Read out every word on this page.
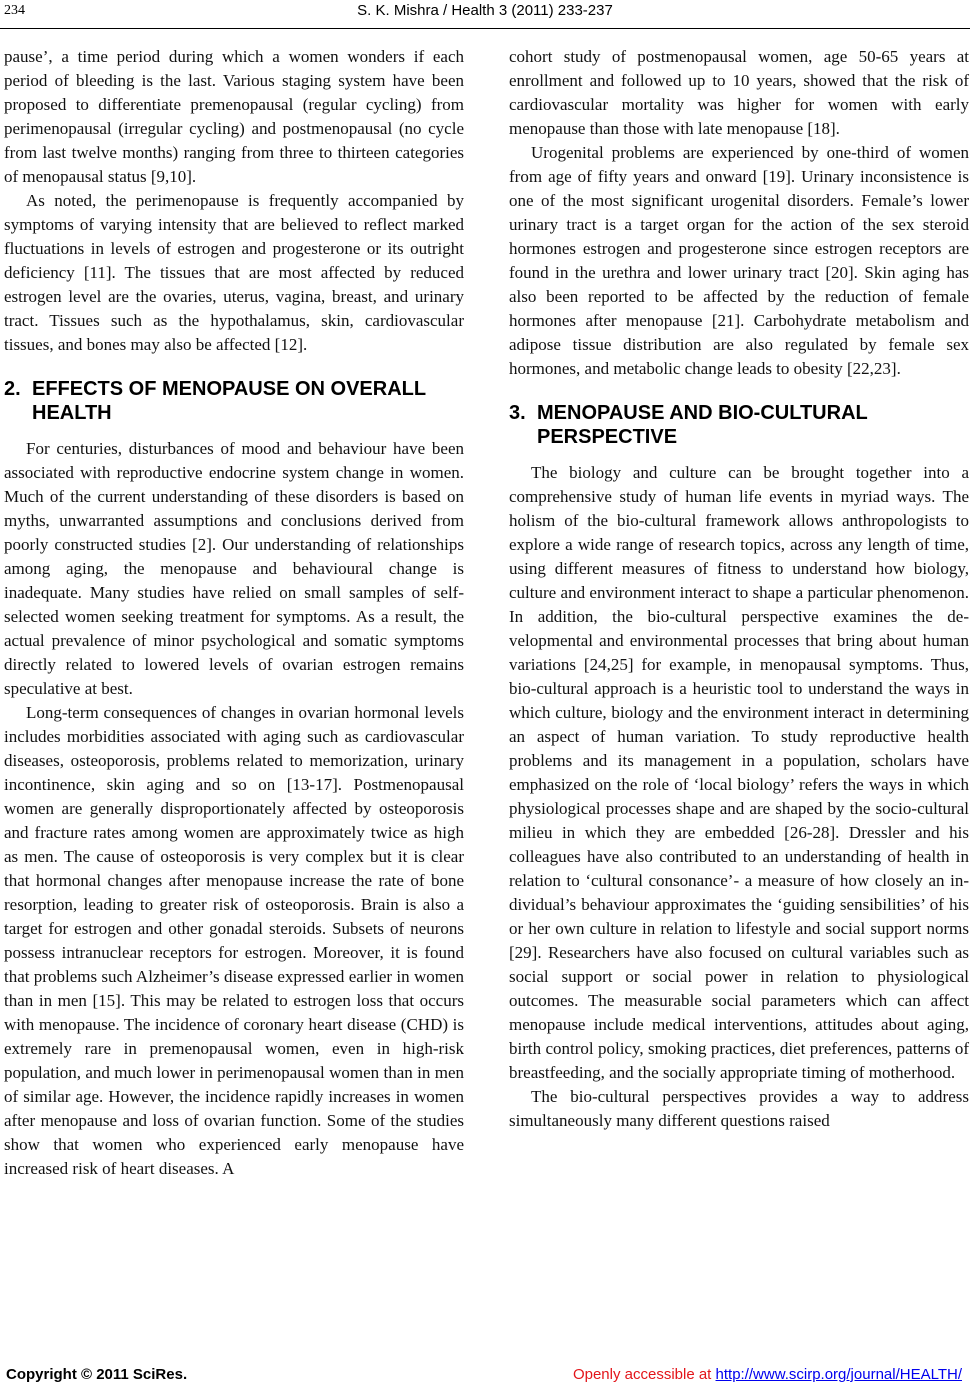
234	S. K. Mishra / Health 3 (2011) 233-237

pause’, a time period during which a women wonders if each period of bleeding is the last. Various staging system have been proposed to differentiate premenopausal (regular cycling) from perimenopausal (irregular cycling) and postmenopausal (no cycle from last twelve months) ranging from three to thirteen categories of menopausal status [9,10].

As noted, the perimenopause is frequently accompanied by symptoms of varying intensity that are believed to reflect marked fluctuations in levels of estrogen and progesterone or its outright deficiency [11]. The tissues that are most affected by reduced estrogen level are the ovaries, uterus, vagina, breast, and urinary tract. Tissues such as the hypothalamus, skin, cardiovascular tissues, and bones may also be affected [12].

2. EFFECTS OF MENOPAUSE ON OVERALL HEALTH

For centuries, disturbances of mood and behaviour have been associated with reproductive endocrine system change in women. Much of the current understanding of these disorders is based on myths, unwarranted assumptions and conclusions derived from poorly constructed studies [2]. Our understanding of relationships among aging, the menopause and behavioural change is inadequate. Many studies have relied on small samples of self-selected women seeking treatment for symptoms. As a result, the actual prevalence of minor psychological and somatic symptoms directly related to lowered levels of ovarian estrogen remains speculative at best.

Long-term consequences of changes in ovarian hormonal levels includes morbidities associated with aging such as cardiovascular diseases, osteoporosis, problems related to memorization, urinary incontinence, skin aging and so on [13-17]. Postmenopausal women are generally disproportionately affected by osteoporosis and fracture rates among women are approximately twice as high as men. The cause of osteoporosis is very complex but it is clear that hormonal changes after menopause increase the rate of bone resorption, leading to greater risk of osteoporosis. Brain is also a target for estrogen and other gonadal steroids. Subsets of neurons possess intranuclear receptors for estrogen. Moreover, it is found that problems such Alzheimer’s disease expressed earlier in women than in men [15]. This may be related to estrogen loss that occurs with menopause. The incidence of coronary heart disease (CHD) is extremely rare in premenopausal women, even in high-risk population, and much lower in perimenopausal women than in men of similar age. However, the incidence rapidly increases in women after menopause and loss of ovarian function. Some of the studies show that women who experienced early menopause have increased risk of heart diseases. A

cohort study of postmenopausal women, age 50-65 years at enrollment and followed up to 10 years, showed that the risk of cardiovascular mortality was higher for women with early menopause than those with late menopause [18].

Urogenital problems are experienced by one-third of women from age of fifty years and onward [19]. Urinary inconsistence is one of the most significant urogenital disorders. Female’s lower urinary tract is a target organ for the action of the sex steroid hormones estrogen and progesterone since estrogen receptors are found in the urethra and lower urinary tract [20]. Skin aging has also been reported to be affected by the reduction of female hormones after menopause [21]. Carbohydrate metabolism and adipose tissue distribution are also regulated by female sex hormones, and metabolic change leads to obesity [22,23].

3. MENOPAUSE AND BIO-CULTURAL PERSPECTIVE

The biology and culture can be brought together into a comprehensive study of human life events in myriad ways. The holism of the bio-cultural framework allows anthropologists to explore a wide range of research topics, across any length of time, using different measures of fitness to understand how biology, culture and environment interact to shape a particular phenomenon. In addition, the bio-cultural perspective examines the developmental and environmental processes that bring about human variations [24,25] for example, in menopausal symptoms. Thus, bio-cultural approach is a heuristic tool to understand the ways in which culture, biology and the environment interact in determining an aspect of human variation. To study reproductive health problems and its management in a population, scholars have emphasized on the role of ‘local biology’ refers the ways in which physiological processes shape and are shaped by the socio-cultural milieu in which they are embedded [26-28]. Dressler and his colleagues have also contributed to an understanding of health in relation to ‘cultural consonance’- a measure of how closely an individual’s behaviour approximates the ‘guiding sensibilities’ of his or her own culture in relation to lifestyle and social support norms [29]. Researchers have also focused on cultural variables such as social support or social power in relation to physiological outcomes. The measurable social parameters which can affect menopause include medical interventions, attitudes about aging, birth control policy, smoking practices, diet preferences, patterns of breastfeeding, and the socially appropriate timing of motherhood.

The bio-cultural perspectives provides a way to address simultaneously many different questions raised

Copyright © 2011 SciRes.	Openly accessible at http://www.scirp.org/journal/HEALTH/
